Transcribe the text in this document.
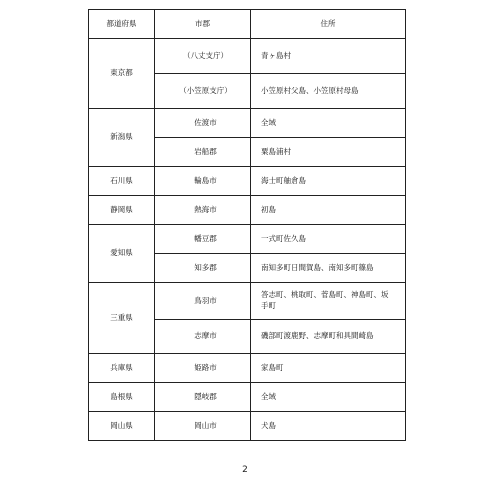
都道府県	市郡	住所
東京都	（八丈支庁）	青ヶ島村
	（小笠原支庁）	小笠原村父島、小笠原村母島
新潟県	佐渡市	全域
	岩船郡	粟島浦村
石川県	輪島市	海士町舳倉島
静岡県	熱海市	初島
愛知県	幡豆郡	一式町佐久島
	知多郡	南知多町日間賀島、南知多町篠島
三重県	鳥羽市	答志町、桃取町、菅島町、神島町、坂手町
	志摩市	磯部町渡鹿野、志摩町和具間崎島
兵庫県	姫路市	家島町
島根県	隠岐郡	全域
岡山県	岡山市	犬島
2
